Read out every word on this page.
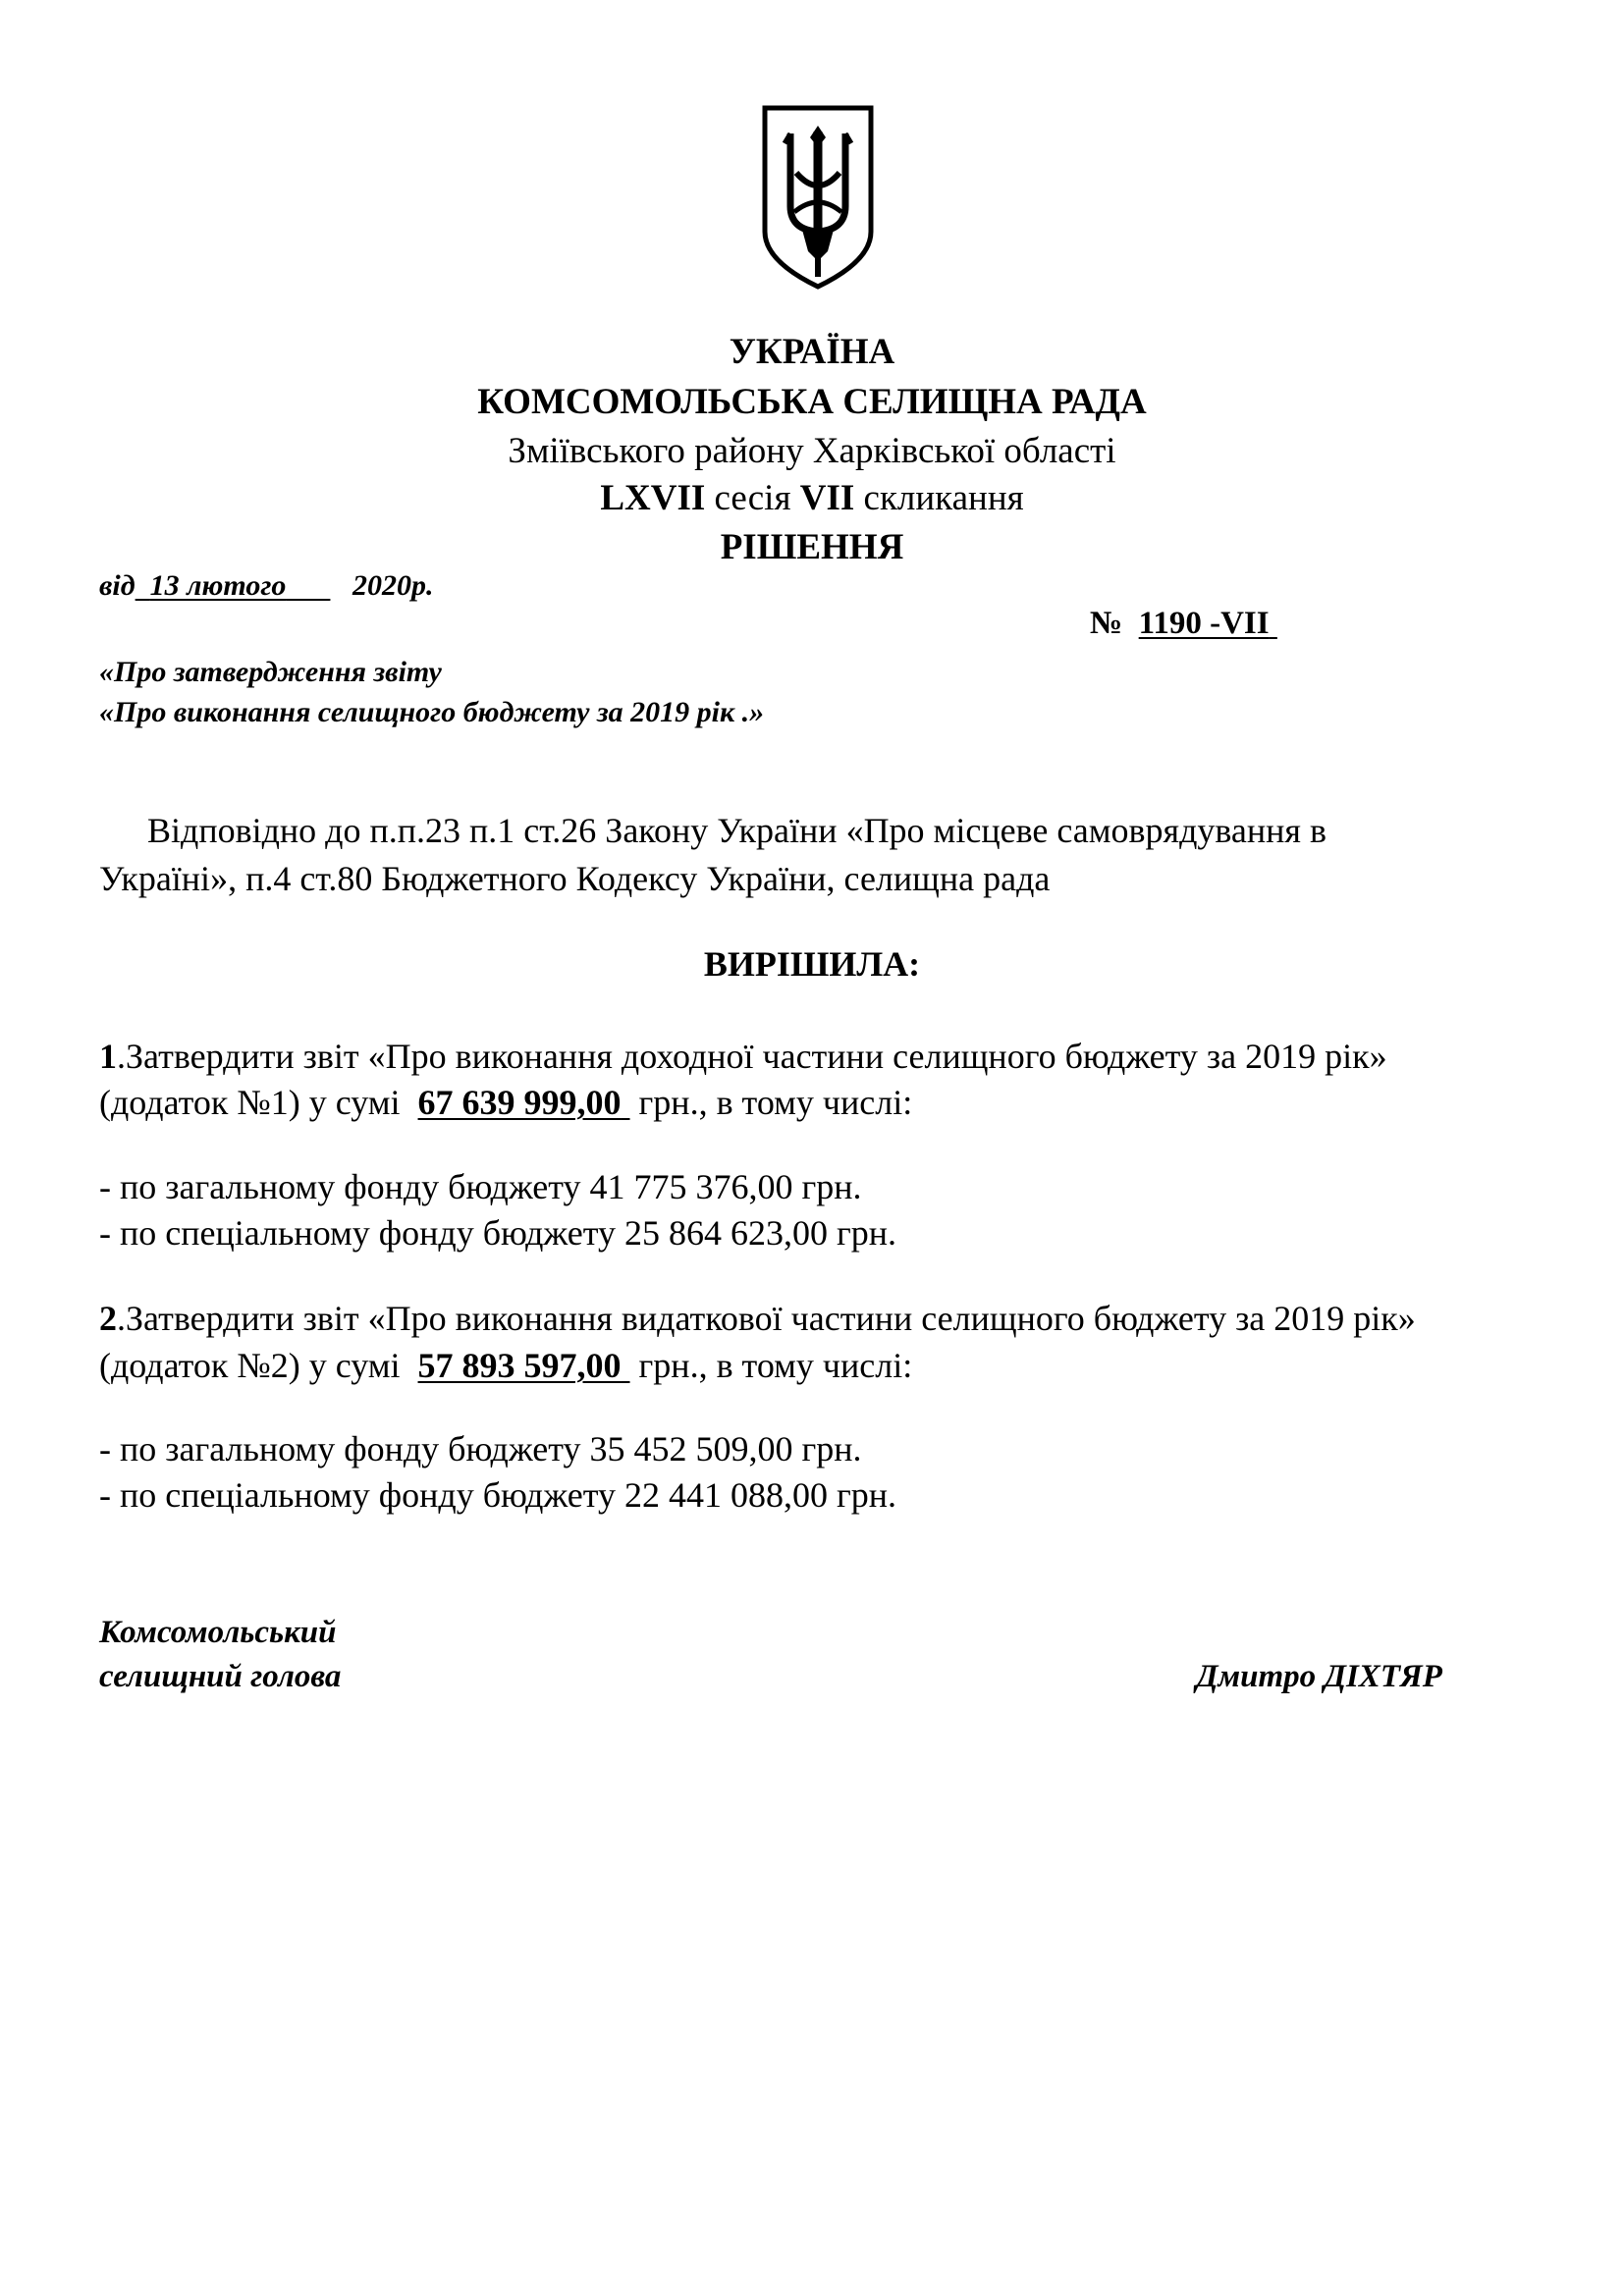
УКРАЇНА
КОМСОМОЛЬСЬКА СЕЛИЩНА РАДА
Зміївського району Харківської області
LXVII сесія VII скликання
РІШЕННЯ
від 13 лютого 2020р.
№ 1190 -VII
«Про затвердження звіту
«Про виконання селищного бюджету за 2019 рік .»
Відповідно до п.п.23 п.1 ст.26 Закону України «Про місцеве самоврядування в
Україні», п.4 ст.80 Бюджетного Кодексу України, селищна рада
ВИРІШИЛА:
1.Затвердити звіт «Про виконання доходної частини селищного бюджету за 2019 рік»
(додаток №1) у сумі  67 639 999,00  грн., в тому числі:
- по загальному фонду бюджету 41 775 376,00 грн.
- по спеціальному фонду бюджету 25 864 623,00 грн.
2.Затвердити звіт «Про виконання видаткової частини селищного бюджету за 2019 рік»
(додаток №2) у сумі  57 893 597,00  грн., в тому числі:
- по загальному фонду бюджету 35 452 509,00 грн.
- по спеціальному фонду бюджету 22 441 088,00 грн.
Комсомольський
селищний голова	Дмитро ДІХТЯР
